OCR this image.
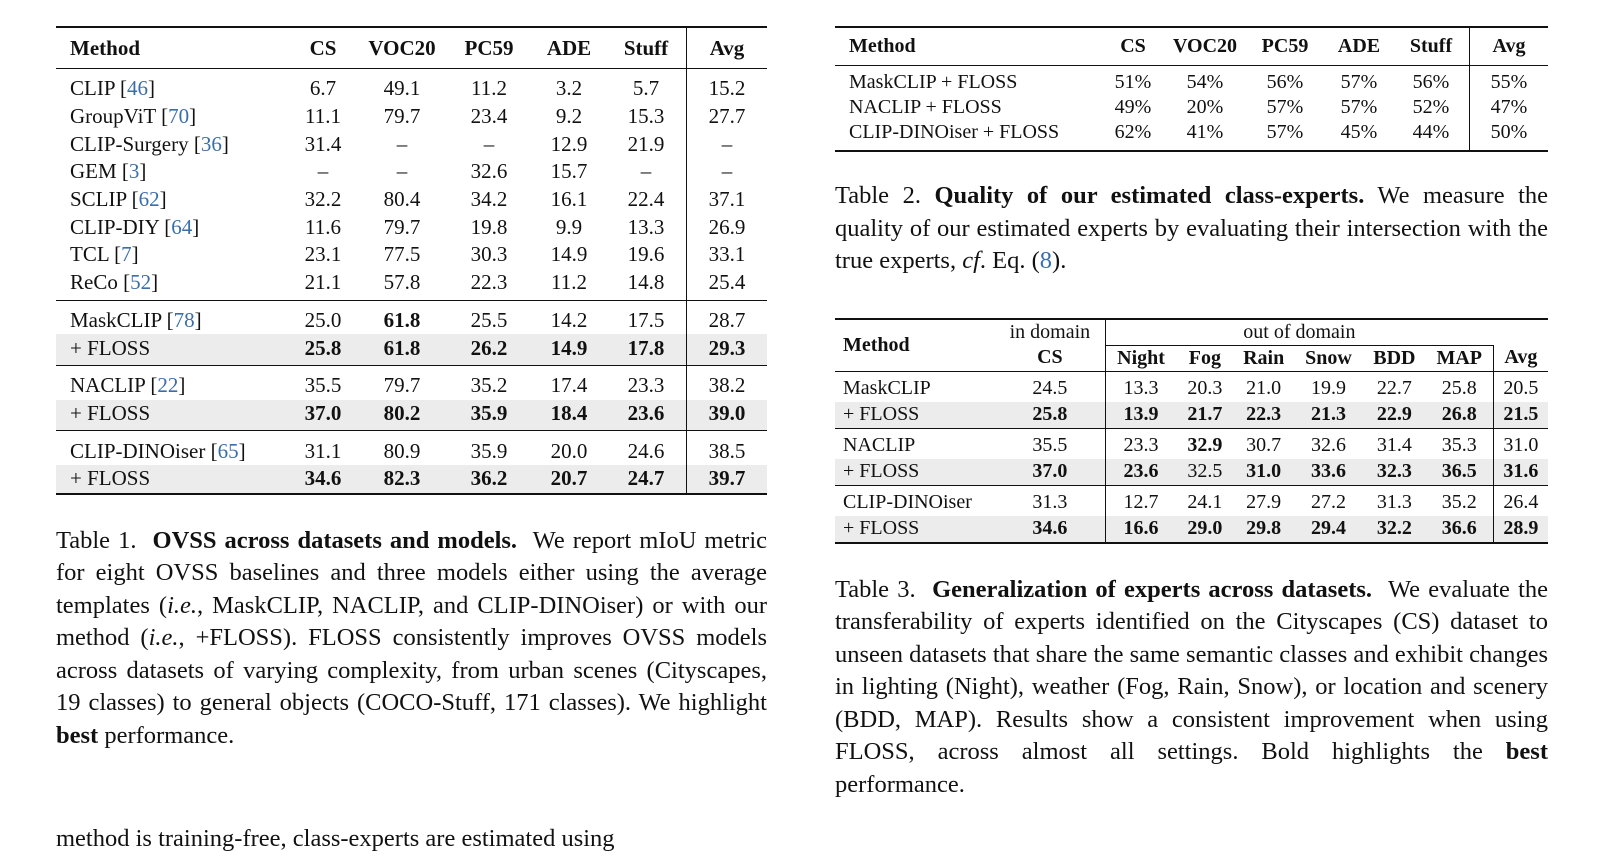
Method	CS	VOC20	PC59	ADE	Stuff	Avg
CLIP [46]	6.7	49.1	11.2	3.2	5.7	15.2
GroupViT [70]	11.1	79.7	23.4	9.2	15.3	27.7
CLIP-Surgery [36]	31.4	–	–	12.9	21.9	–
GEM [3]	–	–	32.6	15.7	–	–
SCLIP [62]	32.2	80.4	34.2	16.1	22.4	37.1
CLIP-DIY [64]	11.6	79.7	19.8	9.9	13.3	26.9
TCL [7]	23.1	77.5	30.3	14.9	19.6	33.1
ReCo [52]	21.1	57.8	22.3	11.2	14.8	25.4
MaskCLIP [78]	25.0	61.8	25.5	14.2	17.5	28.7
+ FLOSS	25.8	61.8	26.2	14.9	17.8	29.3
NACLIP [22]	35.5	79.7	35.2	17.4	23.3	38.2
+ FLOSS	37.0	80.2	35.9	18.4	23.6	39.0
CLIP-DINOiser [65]	31.1	80.9	35.9	20.0	24.6	38.5
+ FLOSS	34.6	82.3	36.2	20.7	24.7	39.7

Table 1. OVSS across datasets and models. We report mIoU metric for eight OVSS baselines and three models either using the average templates (i.e., MaskCLIP, NACLIP, and CLIP-DINOiser) or with our method (i.e., +FLOSS). FLOSS consistently improves OVSS models across datasets of varying complexity, from urban scenes (Cityscapes, 19 classes) to general objects (COCO-Stuff, 171 classes). We highlight best performance.

method is training-free, class-experts are estimated using

Method	CS	VOC20	PC59	ADE	Stuff	Avg
MaskCLIP + FLOSS	51%	54%	56%	57%	56%	55%
NACLIP + FLOSS	49%	20%	57%	57%	52%	47%
CLIP-DINOiser + FLOSS	62%	41%	57%	45%	44%	50%

Table 2. Quality of our estimated class-experts. We measure the quality of our estimated experts by evaluating their intersection with the true experts, cf. Eq. (8).

Method	in domain	out of domain						
	CS	Night	Fog	Rain	Snow	BDD	MAP	Avg
MaskCLIP	24.5	13.3	20.3	21.0	19.9	22.7	25.8	20.5
+ FLOSS	25.8	13.9	21.7	22.3	21.3	22.9	26.8	21.5
NACLIP	35.5	23.3	32.9	30.7	32.6	31.4	35.3	31.0
+ FLOSS	37.0	23.6	32.5	31.0	33.6	32.3	36.5	31.6
CLIP-DINOiser	31.3	12.7	24.1	27.9	27.2	31.3	35.2	26.4
+ FLOSS	34.6	16.6	29.0	29.8	29.4	32.2	36.6	28.9

Table 3. Generalization of experts across datasets. We evaluate the transferability of experts identified on the Cityscapes (CS) dataset to unseen datasets that share the same semantic classes and exhibit changes in lighting (Night), weather (Fog, Rain, Snow), or location and scenery (BDD, MAP). Results show a consistent improvement when using FLOSS, across almost all settings. Bold highlights the best performance.
